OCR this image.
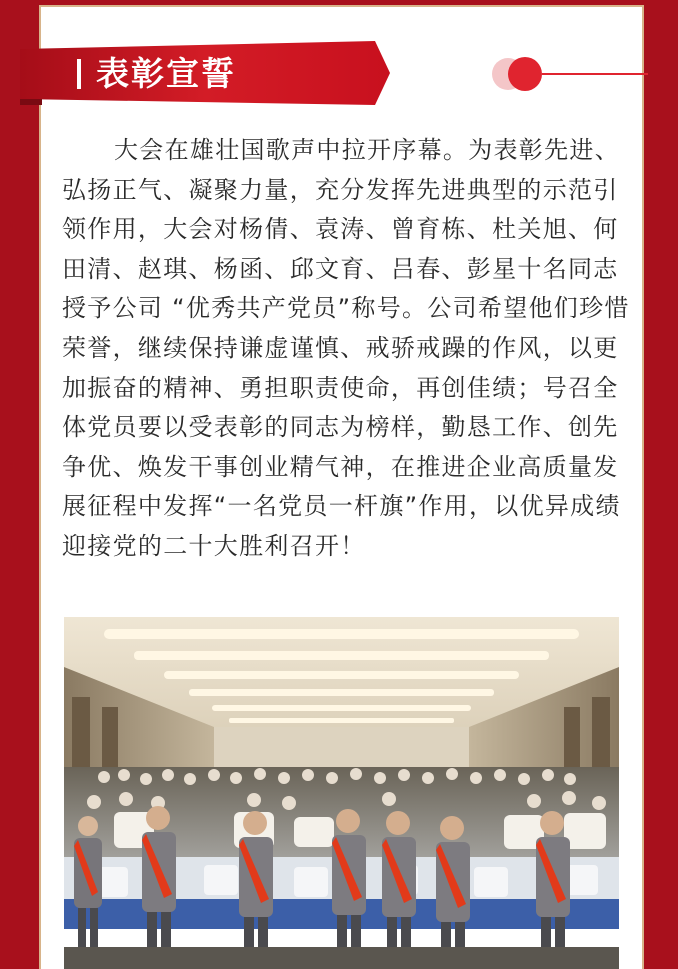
表彰宣誓

大会在雄壮国歌声中拉开序幕。为表彰先进、
弘扬正气、凝聚力量，充分发挥先进典型的示范引
领作用，大会对杨倩、袁涛、曾育栋、杜关旭、何
田清、赵琪、杨函、邱文育、吕春、彭星十名同志
授予公司 “优秀共产党员”称号。公司希望他们珍惜
荣誉，继续保持谦虚谨慎、戒骄戒躁的作风，以更
加振奋的精神、勇担职责使命，再创佳绩；号召全
体党员要以受表彰的同志为榜样，勤恳工作、创先
争优、焕发干事创业精气神，在推进企业高质量发
展征程中发挥“一名党员一杆旗”作用，以优异成绩
迎接党的二十大胜利召开！
